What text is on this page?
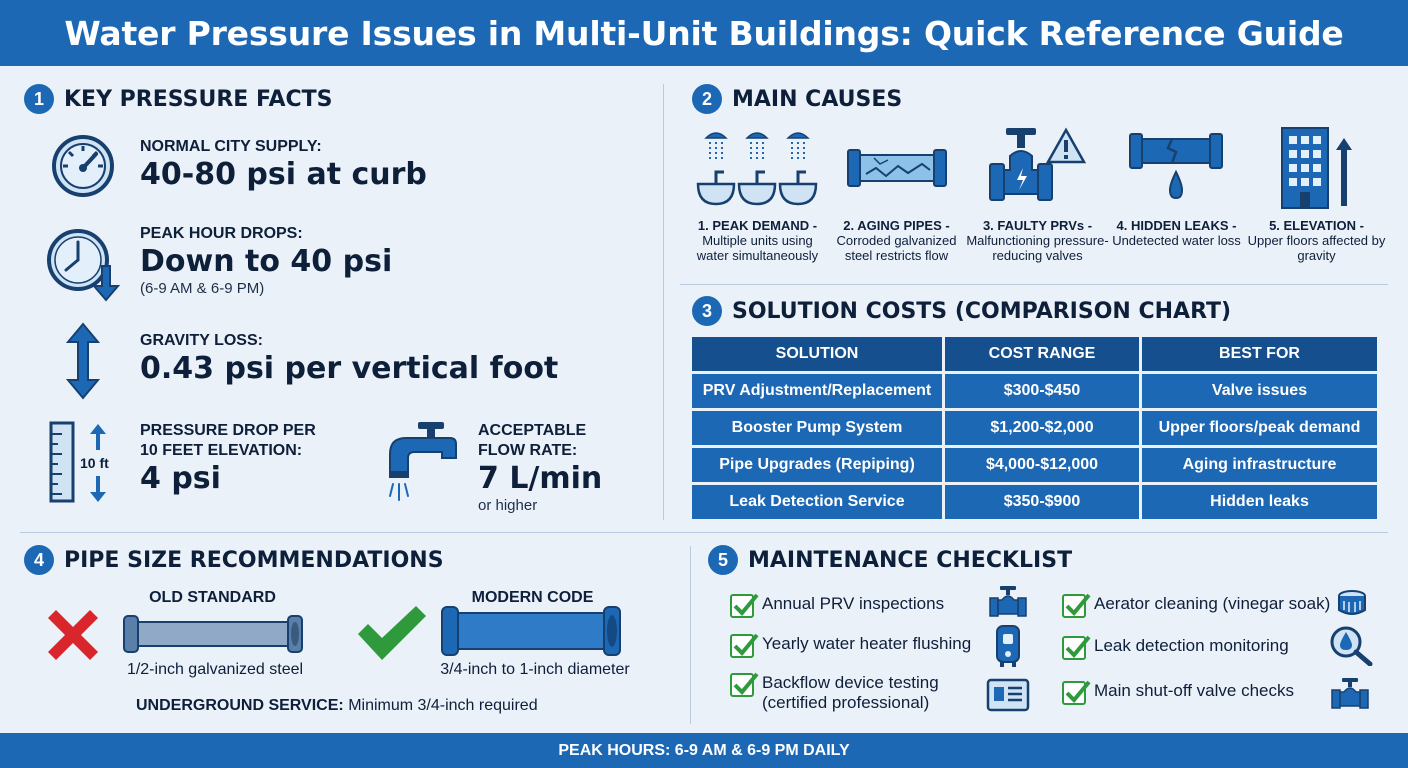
Water Pressure Issues in Multi-Unit Buildings: Quick Reference Guide
1 KEY PRESSURE FACTS
NORMAL CITY SUPPLY:
40-80 psi at curb
PEAK HOUR DROPS:
Down to 40 psi
(6-9 AM & 6-9 PM)
GRAVITY LOSS:
0.43 psi per vertical foot
10 ft
PRESSURE DROP PER
10 FEET ELEVATION:
4 psi
ACCEPTABLE
FLOW RATE:
7 L/min
or higher
2 MAIN CAUSES
1. PEAK DEMAND -
Multiple units using water simultaneously
2. AGING PIPES -
Corroded galvanized steel restricts flow
3. FAULTY PRVs -
Malfunctioning pressure-reducing valves
4. HIDDEN LEAKS -
Undetected water loss
5. ELEVATION -
Upper floors affected by gravity
3 SOLUTION COSTS (COMPARISON CHART)
SOLUTION	COST RANGE	BEST FOR
PRV Adjustment/Replacement	$300-$450	Valve issues
Booster Pump System	$1,200-$2,000	Upper floors/peak demand
Pipe Upgrades (Repiping)	$4,000-$12,000	Aging infrastructure
Leak Detection Service	$350-$900	Hidden leaks
4 PIPE SIZE RECOMMENDATIONS
OLD STANDARD
1/2-inch galvanized steel
MODERN CODE
3/4-inch to 1-inch diameter
UNDERGROUND SERVICE: Minimum 3/4-inch required
5 MAINTENANCE CHECKLIST
Annual PRV inspections
Yearly water heater flushing
Backflow device testing
(certified professional)
Aerator cleaning (vinegar soak)
Leak detection monitoring
Main shut-off valve checks
PEAK HOURS: 6-9 AM & 6-9 PM DAILY
